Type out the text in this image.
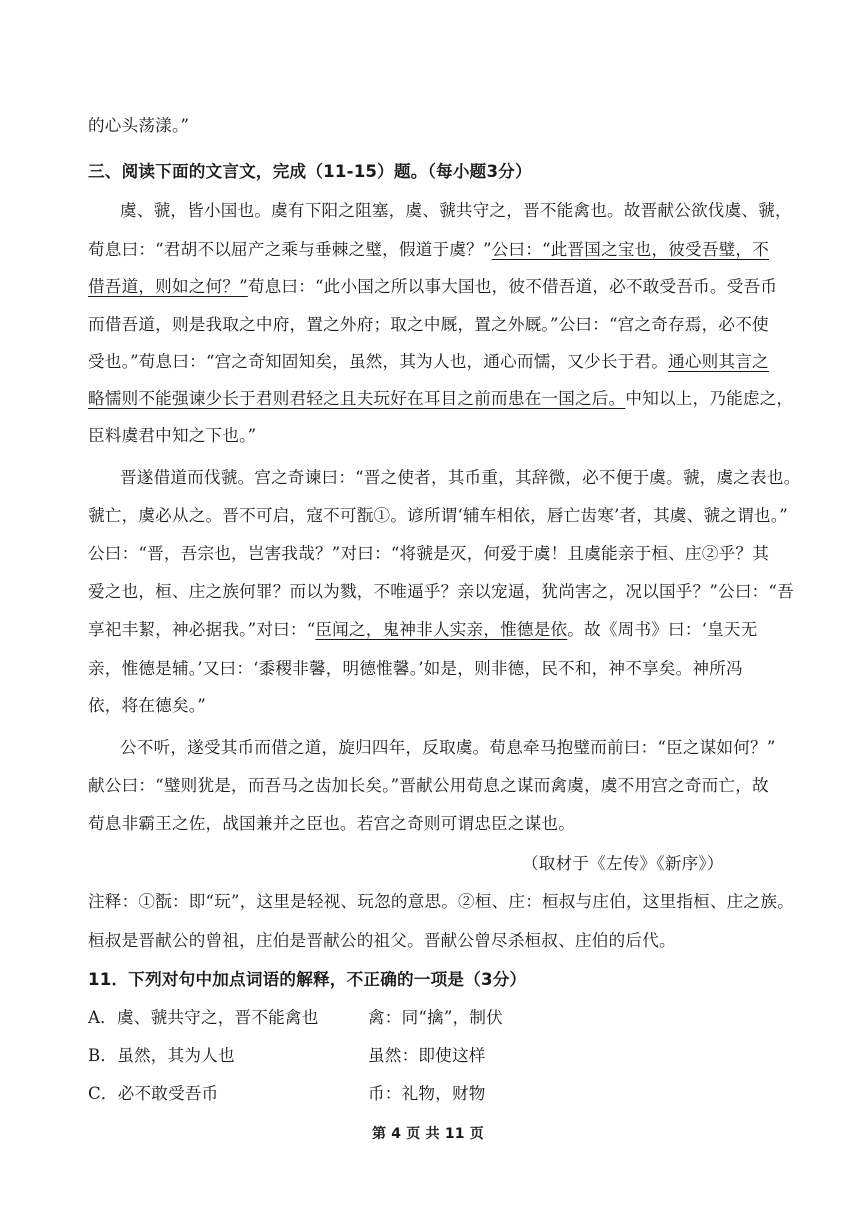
的心头荡漾。”
三、阅读下面的文言文，完成（11-15）题。（每小题3分）
虞、虢，皆小国也。虞有下阳之阻塞，虞、虢共守之，晋不能禽也。故晋献公欲伐虞、虢，
荀息曰：“君胡不以屈产之乘与垂棘之璧，假道于虞？”公曰：“此晋国之宝也，彼受吾璧，不
借吾道，则如之何？”荀息曰：“此小国之所以事大国也，彼不借吾道，必不敢受吾币。受吾币
而借吾道，则是我取之中府，置之外府；取之中厩，置之外厩。”公曰：“宫之奇存焉，必不使
受也。”荀息曰：“宫之奇知固知矣，虽然，其为人也，通心而懦，又少长于君。通心则其言之
略懦则不能强谏少长于君则君轻之且夫玩好在耳目之前而患在一国之后。中知以上，乃能虑之，
臣料虞君中知之下也。”
晋遂借道而伐虢。宫之奇谏曰：“晋之使者，其币重，其辞微，必不便于虞。虢，虞之表也。
虢亡，虞必从之。晋不可启，寇不可翫①。谚所谓‘辅车相依，唇亡齿寒’者，其虞、虢之谓也。”
公曰：“晋，吾宗也，岂害我哉？”对曰：“将虢是灭，何爱于虞！且虞能亲于桓、庄②乎？其
爱之也，桓、庄之族何罪？而以为戮，不唯逼乎？亲以宠逼，犹尚害之，况以国乎？”公曰：“吾
享祀丰絜，神必据我。”对曰：“臣闻之，鬼神非人实亲，惟德是依。故《周书》曰：‘皇天无
亲，惟德是辅。’又曰：‘黍稷非馨，明德惟馨。’如是，则非德，民不和，神不享矣。神所冯
依，将在德矣。”
公不听，遂受其币而借之道，旋归四年，反取虞。荀息牵马抱璧而前曰：“臣之谋如何？”
献公曰：“璧则犹是，而吾马之齿加长矣。”晋献公用荀息之谋而禽虞，虞不用宫之奇而亡，故
荀息非霸王之佐，战国兼并之臣也。若宫之奇则可谓忠臣之谋也。
（取材于《左传》《新序》）
注释：①翫：即“玩”，这里是轻视、玩忽的意思。②桓、庄：桓叔与庄伯，这里指桓、庄之族。
桓叔是晋献公的曾祖，庄伯是晋献公的祖父。晋献公曾尽杀桓叔、庄伯的后代。
11．下列对句中加点词语的解释，不正确的一项是（3分）
A．虞、虢共守之，晋不能禽也	禽：同“擒”，制伏
B．虽然，其为人也	虽然：即使这样
C．必不敢受吾币	币：礼物，财物
第 4 页 共 11 页
